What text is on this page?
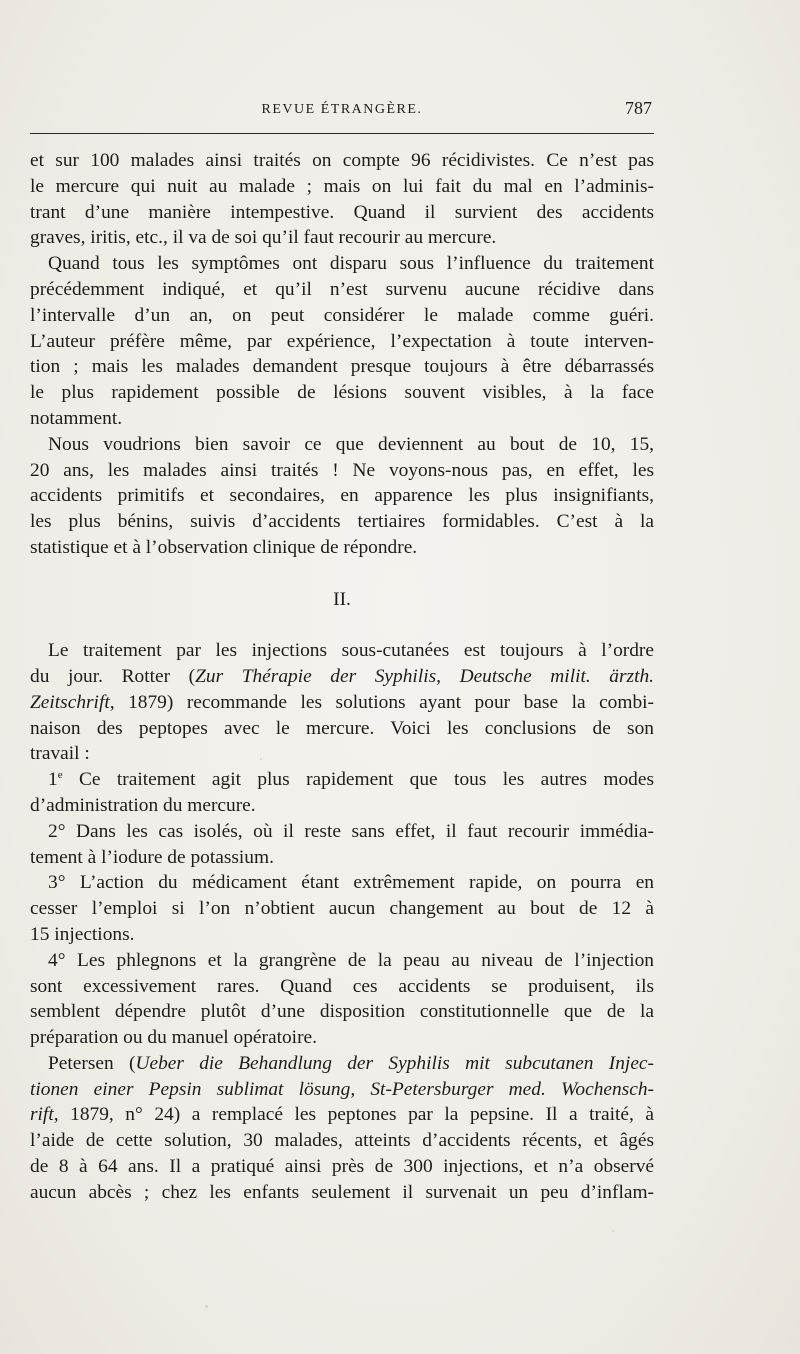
REVUE ÉTRANGÈRE.	787
et sur 100 malades ainsi traités on compte 96 récidivistes. Ce n’est pas
le mercure qui nuit au malade ; mais on lui fait du mal en l’adminis-
trant d’une manière intempestive. Quand il survient des accidents
graves, iritis, etc., il va de soi qu’il faut recourir au mercure.
Quand tous les symptômes ont disparu sous l’influence du traitement
précédemment indiqué, et qu’il n’est survenu aucune récidive dans
l’intervalle d’un an, on peut considérer le malade comme guéri.
L’auteur préfère même, par expérience, l’expectation à toute interven-
tion ; mais les malades demandent presque toujours à être débarrassés
le plus rapidement possible de lésions souvent visibles, à la face
notamment.
Nous voudrions bien savoir ce que deviennent au bout de 10, 15,
20 ans, les malades ainsi traités ! Ne voyons-nous pas, en effet, les
accidents primitifs et secondaires, en apparence les plus insignifiants,
les plus bénins, suivis d’accidents tertiaires formidables. C’est à la
statistique et à l’observation clinique de répondre.
II.
Le traitement par les injections sous-cutanées est toujours à l’ordre
du jour. Rotter (Zur Thérapie der Syphilis, Deutsche milit. ärzth.
Zeitschrift, 1879) recommande les solutions ayant pour base la combi-
naison des peptopes avec le mercure. Voici les conclusions de son
travail :
1e Ce traitement agit plus rapidement que tous les autres modes
d’administration du mercure.
2° Dans les cas isolés, où il reste sans effet, il faut recourir immédia-
tement à l’iodure de potassium.
3° L’action du médicament étant extrêmement rapide, on pourra en
cesser l’emploi si l’on n’obtient aucun changement au bout de 12 à
15 injections.
4° Les phlegnons et la grangrène de la peau au niveau de l’injection
sont excessivement rares. Quand ces accidents se produisent, ils
semblent dépendre plutôt d’une disposition constitutionnelle que de la
préparation ou du manuel opératoire.
Petersen (Ueber die Behandlung der Syphilis mit subcutanen Injec-
tionen einer Pepsin sublimat lösung, St-Petersburger med. Wochensch-
rift, 1879, n° 24) a remplacé les peptones par la pepsine. Il a traité, à
l’aide de cette solution, 30 malades, atteints d’accidents récents, et âgés
de 8 à 64 ans. Il a pratiqué ainsi près de 300 injections, et n’a observé
aucun abcès ; chez les enfants seulement il survenait un peu d’inflam-
